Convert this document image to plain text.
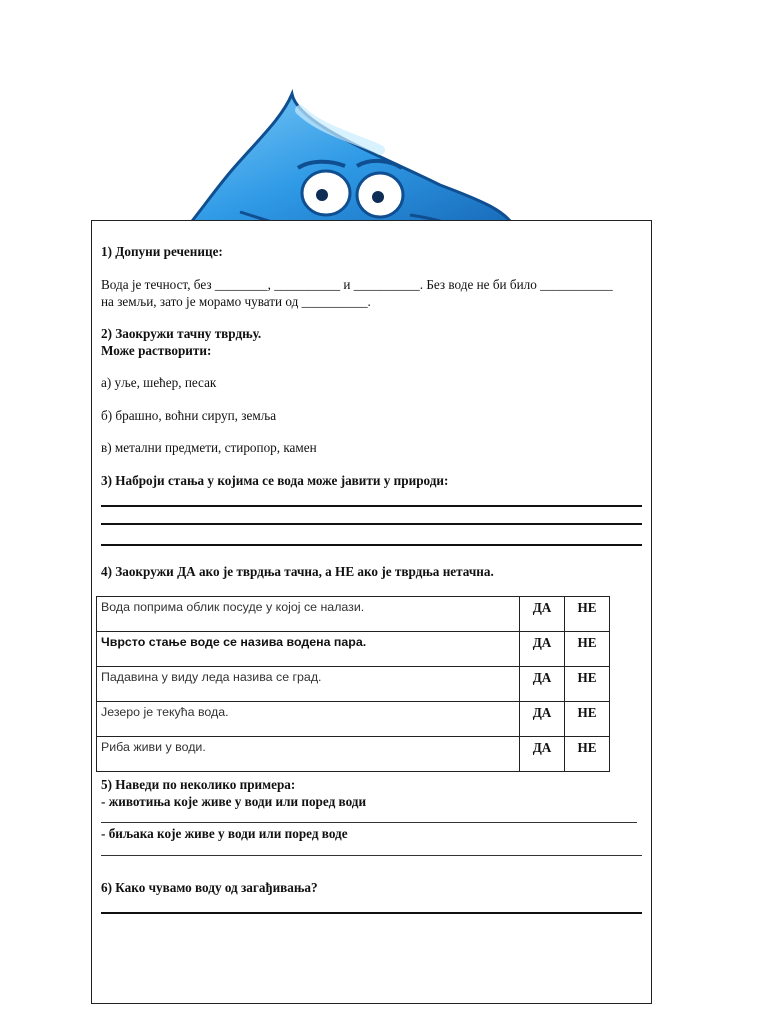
1) Допуни реченице:
Вода је течност, без ________, __________ и __________. Без воде не би било ___________
на земљи, зато је морамо чувати од __________.
2) Заокружи тачну тврдњу.
Може растворити:
а) уље, шећер, песак
б) брашно, воћни сируп, земља
в) метални предмети, стиропор, камен
3) Наброји стања у којима се вода може јавити у природи:
4) Заокружи ДА ако је тврдња тачна, а НЕ ако је тврдња нетачна.
Вода поприма облик посуде у којој се налази.	ДА	НЕ
Чврсто стање воде се назива водена пара.	ДА	НЕ
Падавина у виду леда назива се град.	ДА	НЕ
Језеро је текућа вода.	ДА	НЕ
Риба живи у води.	ДА	НЕ
5) Наведи по неколико примера:
- животиња које живе у води или поред води
- биљака које живе у води или поред воде
6) Како чувамо воду од загађивања?
